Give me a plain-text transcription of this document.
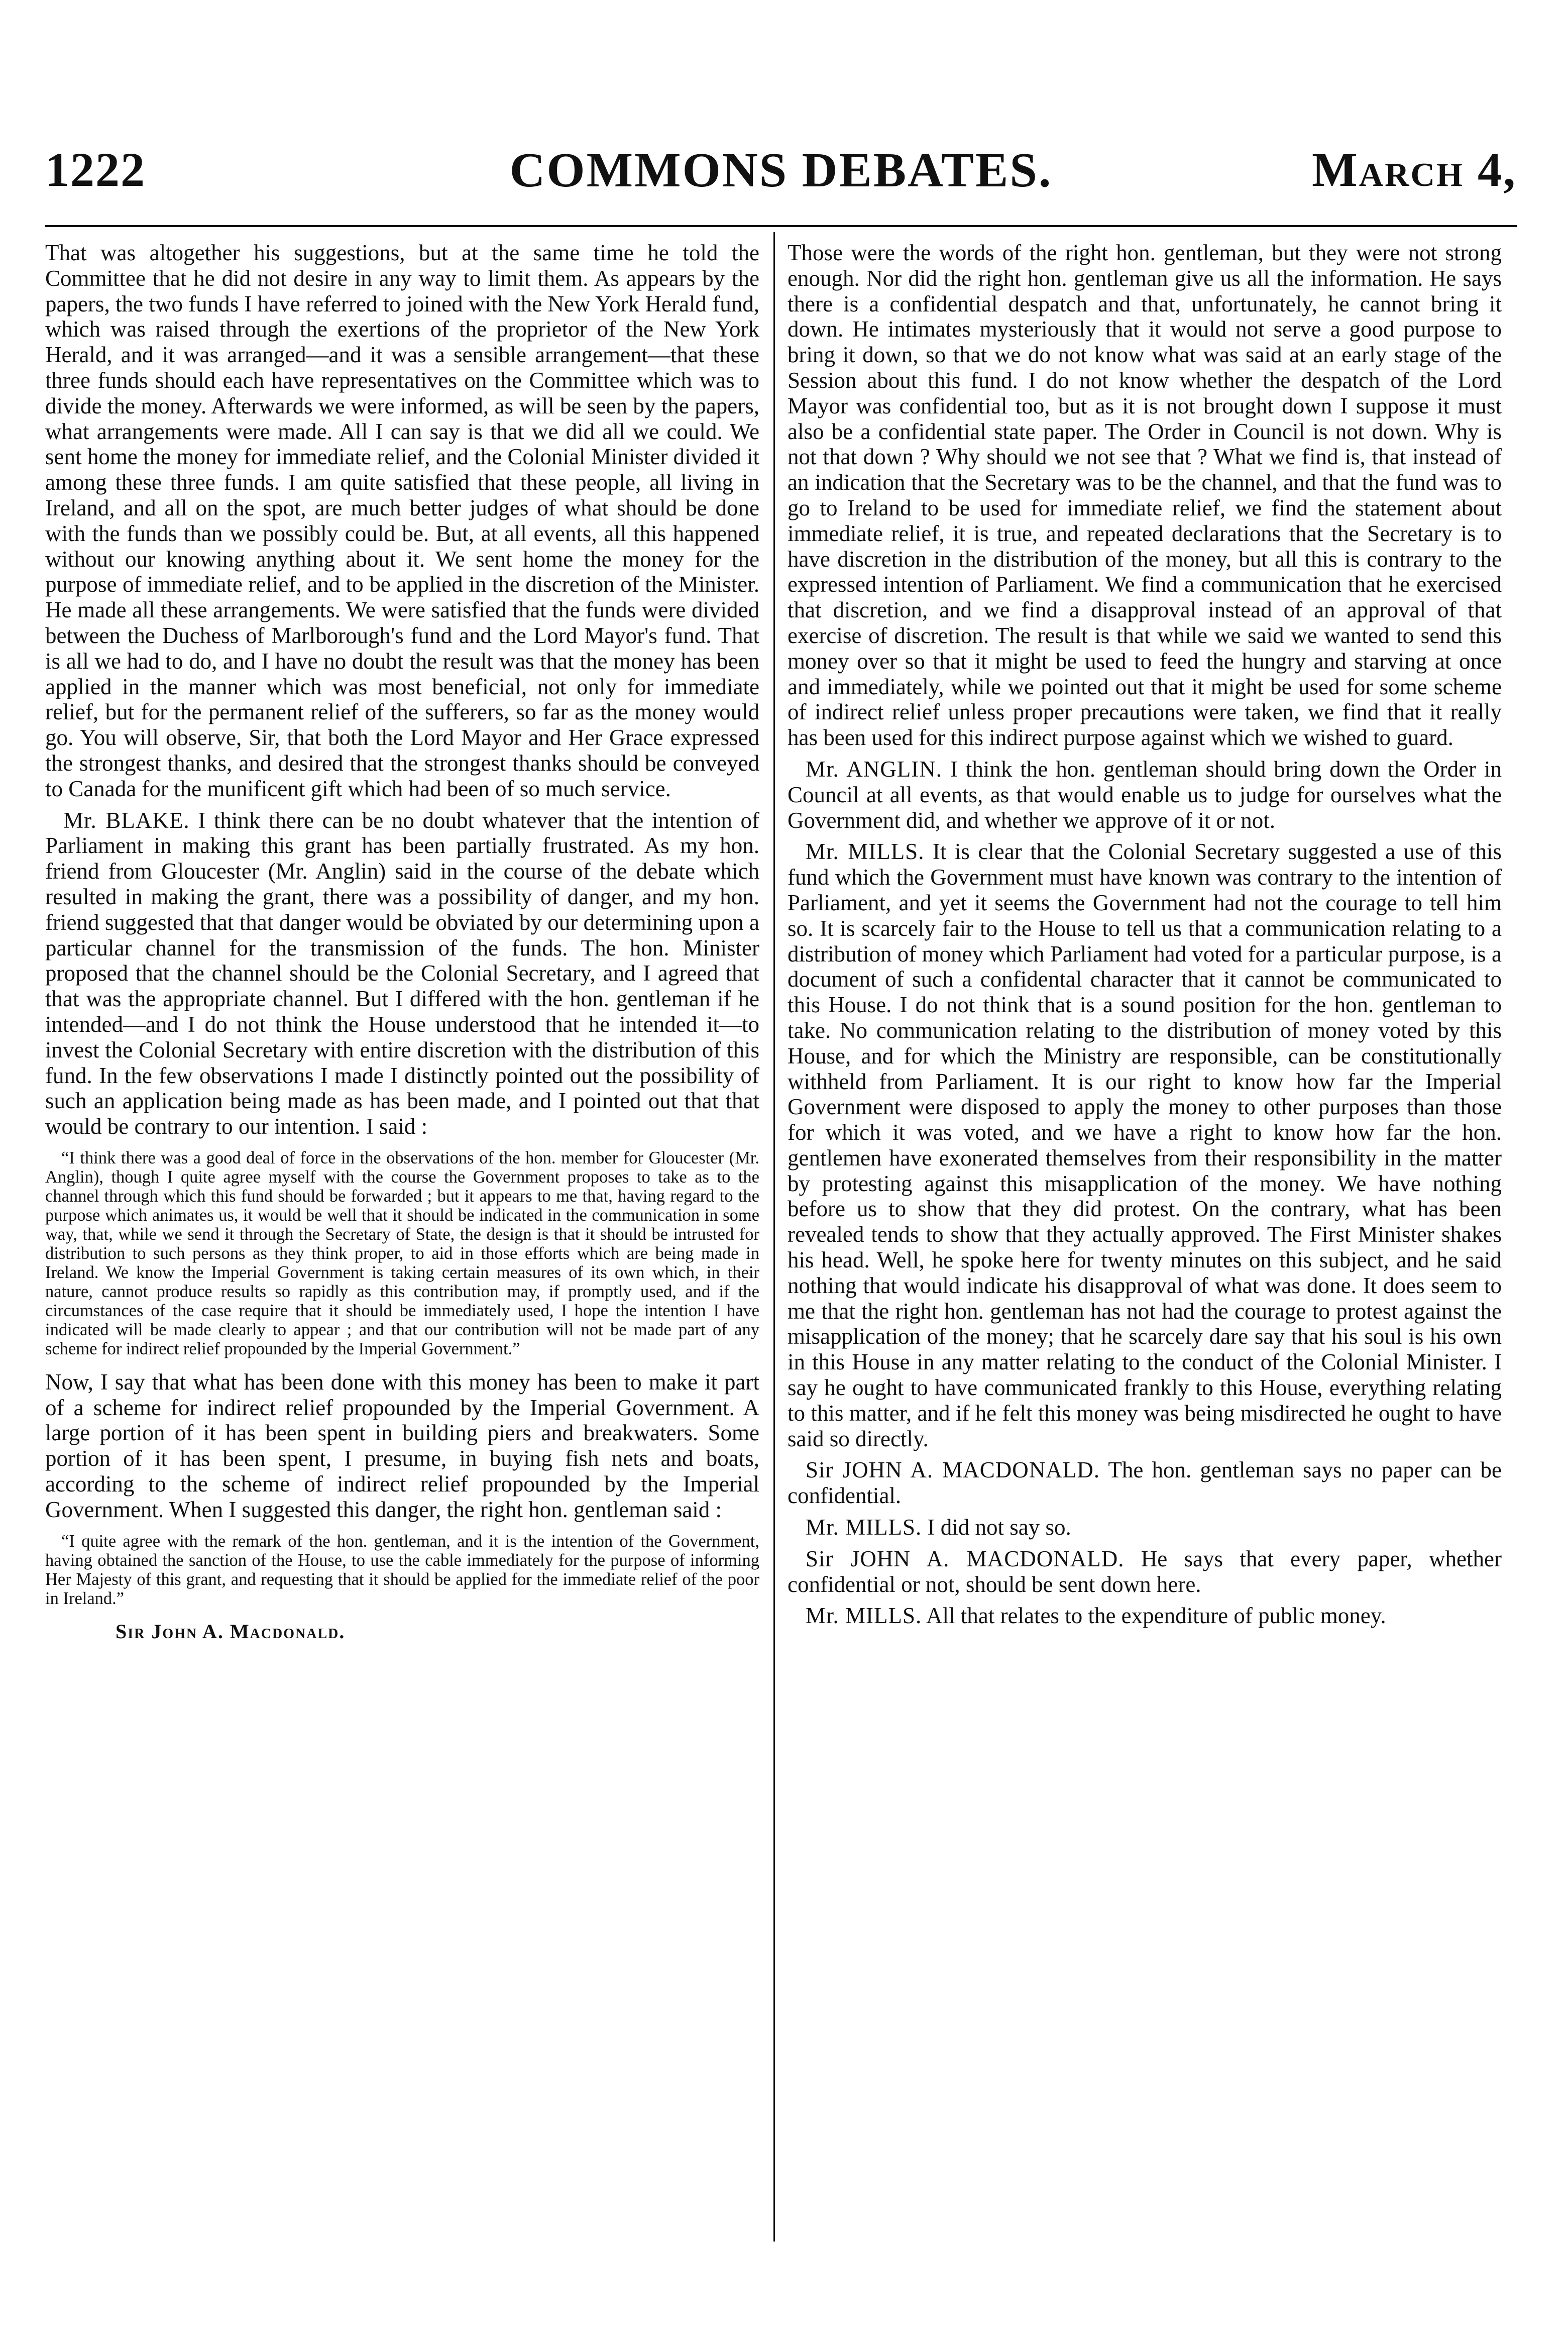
1222	COMMONS DEBATES.	March 4,

That was altogether his suggestions, but at the same time he told the Committee that he did not desire in any way to limit them. As appears by the papers, the two funds I have referred to joined with the New York Herald fund, which was raised through the exertions of the proprietor of the New York Herald, and it was arranged—and it was a sensible arrangement—that these three funds should each have representatives on the Committee which was to divide the money. Afterwards we were informed, as will be seen by the papers, what arrangements were made. All I can say is that we did all we could. We sent home the money for immediate relief, and the Colonial Minister divided it among these three funds. I am quite satisfied that these people, all living in Ireland, and all on the spot, are much better judges of what should be done with the funds than we possibly could be. But, at all events, all this happened without our knowing anything about it. We sent home the money for the purpose of immediate relief, and to be applied in the discretion of the Minister. He made all these arrangements. We were satisfied that the funds were divided between the Duchess of Marlborough's fund and the Lord Mayor's fund. That is all we had to do, and I have no doubt the result was that the money has been applied in the manner which was most beneficial, not only for immediate relief, but for the permanent relief of the sufferers, so far as the money would go. You will observe, Sir, that both the Lord Mayor and Her Grace expressed the strongest thanks, and desired that the strongest thanks should be conveyed to Canada for the munificent gift which had been of so much service.

Mr. BLAKE. I think there can be no doubt whatever that the intention of Parliament in making this grant has been partially frustrated. As my hon. friend from Gloucester (Mr. Anglin) said in the course of the debate which resulted in making the grant, there was a possibility of danger, and my hon. friend suggested that that danger would be obviated by our determining upon a particular channel for the transmission of the funds. The hon. Minister proposed that the channel should be the Colonial Secretary, and I agreed that that was the appropriate channel. But I differed with the hon. gentleman if he intended—and I do not think the House understood that he intended it—to invest the Colonial Secretary with entire discretion with the distribution of this fund. In the few observations I made I distinctly pointed out the possibility of such an application being made as has been made, and I pointed out that that would be contrary to our intention. I said :

“I think there was a good deal of force in the observations of the hon. member for Gloucester (Mr. Anglin), though I quite agree myself with the course the Government proposes to take as to the channel through which this fund should be forwarded ; but it appears to me that, having regard to the purpose which animates us, it would be well that it should be indicated in the communication in some way, that, while we send it through the Secretary of State, the design is that it should be intrusted for distribution to such persons as they think proper, to aid in those efforts which are being made in Ireland. We know the Imperial Government is taking certain measures of its own which, in their nature, cannot produce results so rapidly as this contribution may, if promptly used, and if the circumstances of the case require that it should be immediately used, I hope the intention I have indicated will be made clearly to appear ; and that our contribution will not be made part of any scheme for indirect relief propounded by the Imperial Government.”

Now, I say that what has been done with this money has been to make it part of a scheme for indirect relief propounded by the Imperial Government. A large portion of it has been spent in building piers and breakwaters. Some portion of it has been spent, I presume, in buying fish nets and boats, according to the scheme of indirect relief propounded by the Imperial Government. When I suggested this danger, the right hon. gentleman said :

“I quite agree with the remark of the hon. gentleman, and it is the intention of the Government, having obtained the sanction of the House, to use the cable immediately for the purpose of informing Her Majesty of this grant, and requesting that it should be applied for the immediate relief of the poor in Ireland.”

Sir John A. Macdonald.

Those were the words of the right hon. gentleman, but they were not strong enough. Nor did the right hon. gentleman give us all the information. He says there is a confidential despatch and that, unfortunately, he cannot bring it down. He intimates mysteriously that it would not serve a good purpose to bring it down, so that we do not know what was said at an early stage of the Session about this fund. I do not know whether the despatch of the Lord Mayor was confidential too, but as it is not brought down I suppose it must also be a confidential state paper. The Order in Council is not down. Why is not that down ? Why should we not see that ? What we find is, that instead of an indication that the Secretary was to be the channel, and that the fund was to go to Ireland to be used for immediate relief, we find the statement about immediate relief, it is true, and repeated declarations that the Secretary is to have discretion in the distribution of the money, but all this is contrary to the expressed intention of Parliament. We find a communication that he exercised that discretion, and we find a disapproval instead of an approval of that exercise of discretion. The result is that while we said we wanted to send this money over so that it might be used to feed the hungry and starving at once and immediately, while we pointed out that it might be used for some scheme of indirect relief unless proper precautions were taken, we find that it really has been used for this indirect purpose against which we wished to guard.

Mr. ANGLIN. I think the hon. gentleman should bring down the Order in Council at all events, as that would enable us to judge for ourselves what the Government did, and whether we approve of it or not.

Mr. MILLS. It is clear that the Colonial Secretary suggested a use of this fund which the Government must have known was contrary to the intention of Parliament, and yet it seems the Government had not the courage to tell him so. It is scarcely fair to the House to tell us that a communication relating to a distribution of money which Parliament had voted for a particular purpose, is a document of such a confidental character that it cannot be communicated to this House. I do not think that is a sound position for the hon. gentleman to take. No communication relating to the distribution of money voted by this House, and for which the Ministry are responsible, can be constitutionally withheld from Parliament. It is our right to know how far the Imperial Government were disposed to apply the money to other purposes than those for which it was voted, and we have a right to know how far the hon. gentlemen have exonerated themselves from their responsibility in the matter by protesting against this misapplication of the money. We have nothing before us to show that they did protest. On the contrary, what has been revealed tends to show that they actually approved. The First Minister shakes his head. Well, he spoke here for twenty minutes on this subject, and he said nothing that would indicate his disapproval of what was done. It does seem to me that the right hon. gentleman has not had the courage to protest against the misapplication of the money; that he scarcely dare say that his soul is his own in this House in any matter relating to the conduct of the Colonial Minister. I say he ought to have communicated frankly to this House, everything relating to this matter, and if he felt this money was being misdirected he ought to have said so directly.

Sir JOHN A. MACDONALD. The hon. gentleman says no paper can be confidential.

Mr. MILLS. I did not say so.

Sir JOHN A. MACDONALD. He says that every paper, whether confidential or not, should be sent down here.

Mr. MILLS. All that relates to the expenditure of public money.
